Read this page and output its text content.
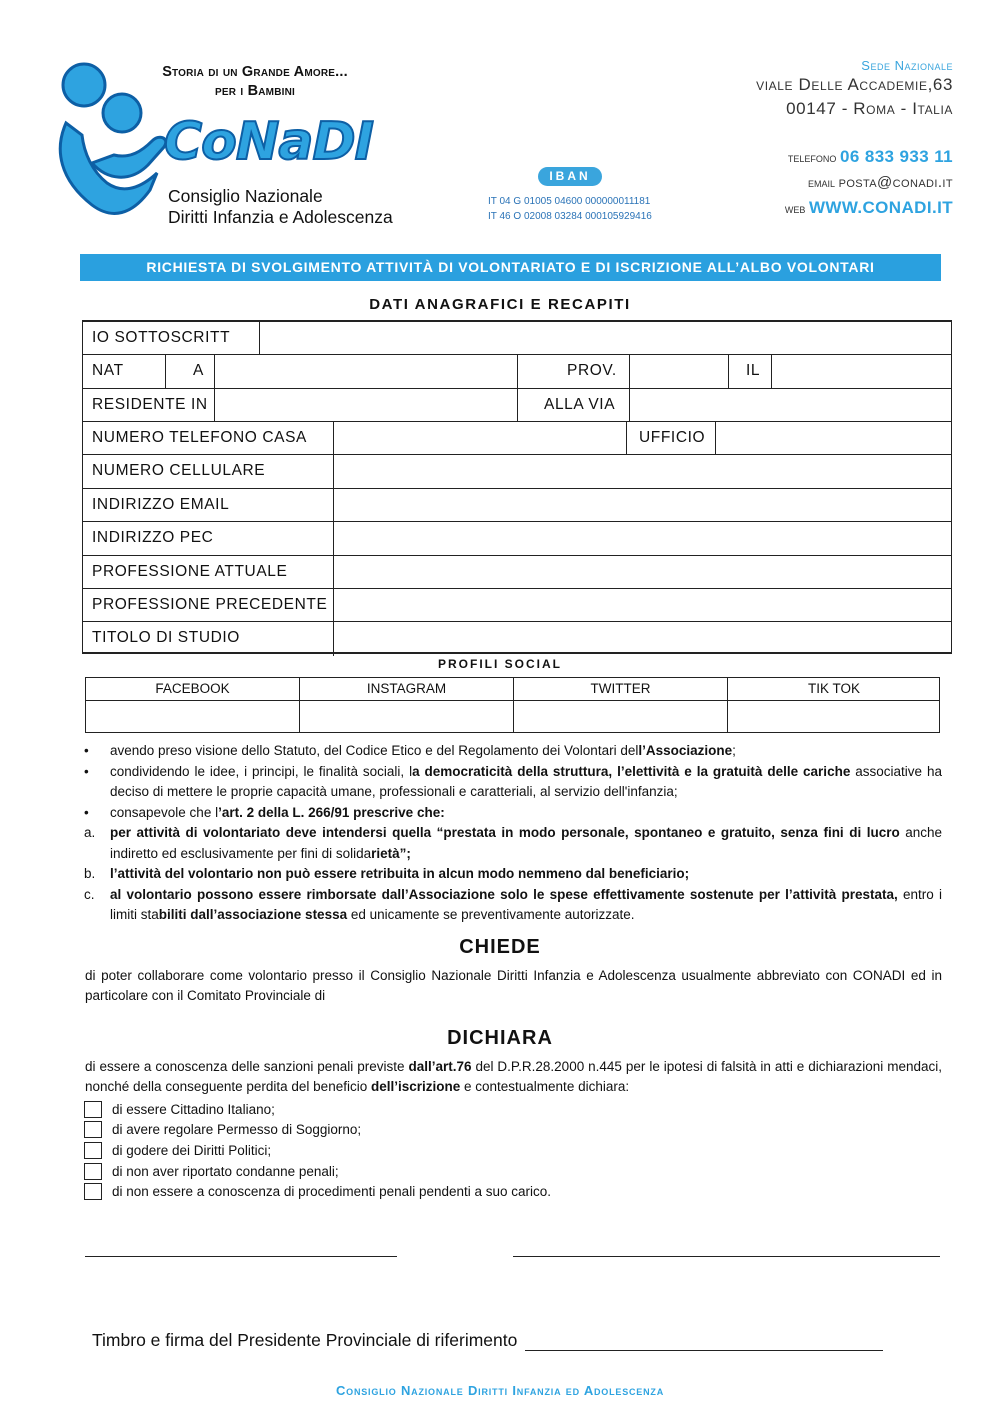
Storia di un Grande Amore...
per i Bambini
CoNaDI
Consiglio Nazionale
Diritti Infanzia e Adolescenza
IBAN
IT 04 G 01005 04600 000000011181
IT 46 O 02008 03284 000105929416
Sede Nazionale
viale Delle Accademie,63
00147 - Roma - Italia
telefono 06 833 933 11
email posta@conadi.it
web WWW.CONADI.IT
RICHIESTA DI SVOLGIMENTO ATTIVITÀ DI VOLONTARIATO E DI ISCRIZIONE ALL’ALBO VOLONTARI
DATI ANAGRAFICI E RECAPITI
IO SOTTOSCRITT
NAT	A	PROV.	IL
RESIDENTE IN	ALLA VIA
NUMERO TELEFONO CASA	UFFICIO
NUMERO CELLULARE
INDIRIZZO EMAIL
INDIRIZZO PEC
PROFESSIONE ATTUALE
PROFESSIONE PRECEDENTE
TITOLO DI STUDIO
PROFILI SOCIAL
FACEBOOK	INSTAGRAM	TWITTER	TIK TOK
• avendo preso visione dello Statuto, del Codice Etico e del Regolamento dei Volontari dell’Associazione;
• condividendo le idee, i principi, le finalità sociali, la democraticità della struttura, l’elettività e la gratuità delle cariche associative ha deciso di mettere le proprie capacità umane, professionali e caratteriali, al servizio dell'infanzia;
• consapevole che l’art. 2 della L. 266/91 prescrive che:
a. per attività di volontariato deve intendersi quella “prestata in modo personale, spontaneo e gratuito, senza fini di lucro anche indiretto ed esclusivamente per fini di solidarietà”;
b. l’attività del volontario non può essere retribuita in alcun modo nemmeno dal beneficiario;
c. al volontario possono essere rimborsate dall’Associazione solo le spese effettivamente sostenute per l’attività prestata, entro i limiti stabiliti dall’associazione stessa ed unicamente se preventivamente autorizzate.
CHIEDE
di poter collaborare come volontario presso il Consiglio Nazionale Diritti Infanzia e Adolescenza usualmente abbreviato con CONADI ed in particolare con il Comitato Provinciale di
DICHIARA
di essere a conoscenza delle sanzioni penali previste dall’art.76 del D.P.R.28.2000 n.445 per le ipotesi di falsità in atti e dichiarazioni mendaci, nonché della conseguente perdita del beneficio dell’iscrizione e contestualmente dichiara:
di essere Cittadino Italiano;
di avere regolare Permesso di Soggiorno;
di godere dei Diritti Politici;
di non aver riportato condanne penali;
di non essere a conoscenza di procedimenti penali pendenti a suo carico.
Timbro e firma del Presidente Provinciale di riferimento
Consiglio Nazionale Diritti Infanzia ed Adolescenza
